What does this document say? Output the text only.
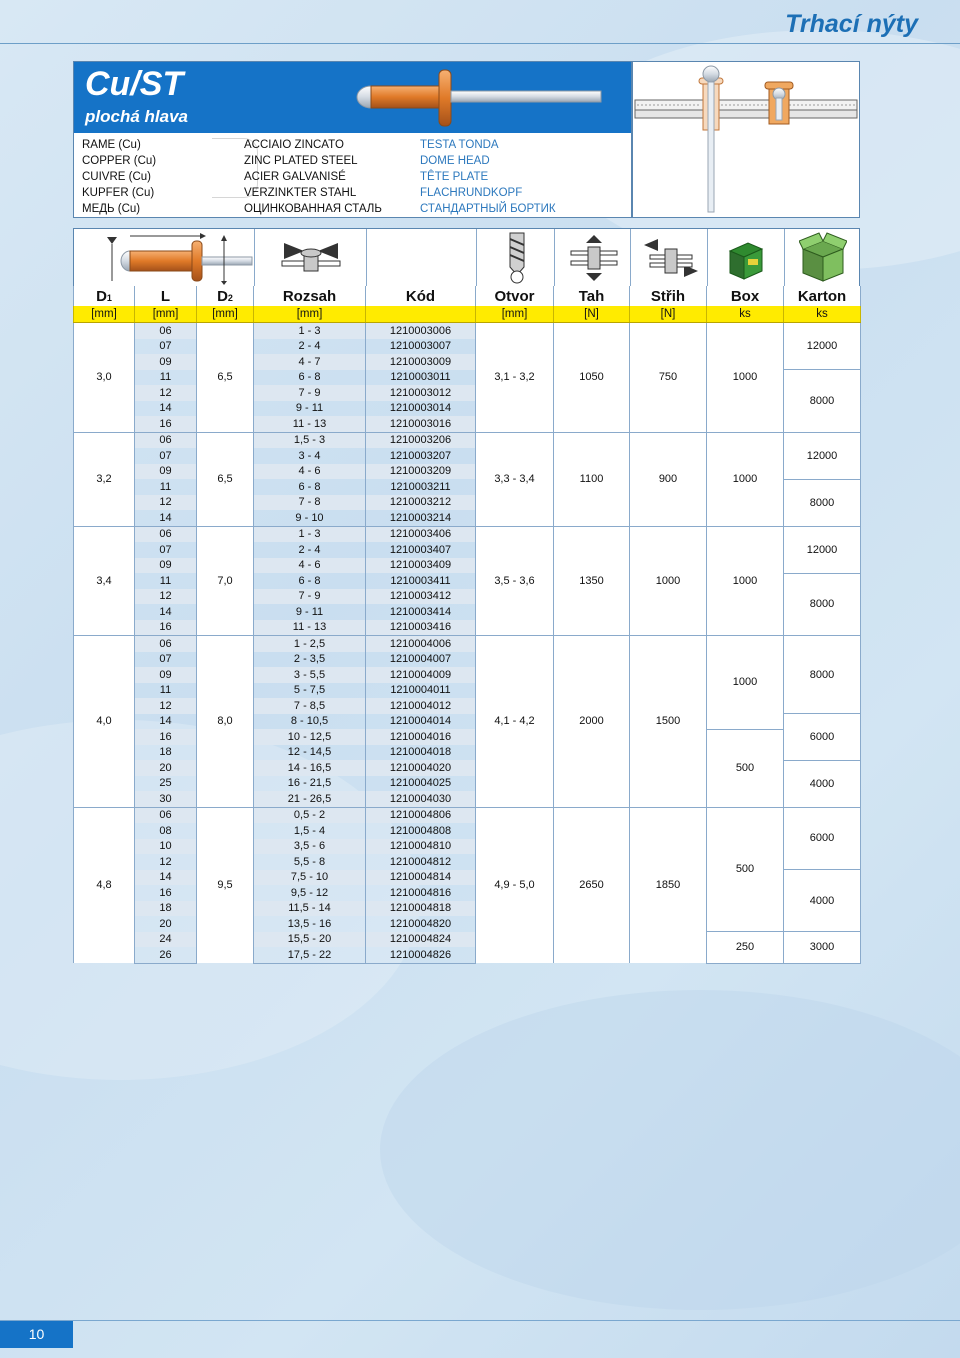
Trhací nýty
Cu/ST
plochá hlava
RAME (Cu)
COPPER (Cu)
CUIVRE (Cu)
KUPFER (Cu)
МЕДЬ (Cu)
ACCIAIO ZINCATO
ZINC PLATED STEEL
ACIER GALVANISÉ
VERZINKTER STAHL
ОЦИНКОВАННАЯ СТАЛЬ
TESTA TONDA
DOME HEAD
TÊTE PLATE
FLACHRUNDKOPF
СТАНДАРТНЫЙ БОРТИК
D1	L	D2	Rozsah	Kód	Otvor	Tah	Střih	Box	Karton
[mm]	[mm]	[mm]	[mm]		[mm]	[N]	[N]	ks	ks
3,0	06	6,5	1 - 3	1210003006	3,1 - 3,2	1050	750	1000	12000
	07		2 - 4	1210003007					
	09		4 - 7	1210003009					
	11		6 - 8	1210003011					8000
	12		7 - 9	1210003012					
	14		9 - 11	1210003014					
	16		11 - 13	1210003016					
3,2	06	6,5	1,5 - 3	1210003206	3,3 - 3,4	1100	900	1000	12000
	07		3 - 4	1210003207					
	09		4 - 6	1210003209					
	11		6 - 8	1210003211					8000
	12		7 - 8	1210003212					
	14		9 - 10	1210003214					
3,4	06	7,0	1 - 3	1210003406	3,5 - 3,6	1350	1000	1000	12000
	07		2 - 4	1210003407					
	09		4 - 6	1210003409					
	11		6 - 8	1210003411					8000
	12		7 - 9	1210003412					
	14		9 - 11	1210003414					
	16		11 - 13	1210003416					
4,0	06	8,0	1 - 2,5	1210004006	4,1 - 4,2	2000	1500	1000	8000
	07		2 - 3,5	1210004007					
	09		3 - 5,5	1210004009					
	11		5 - 7,5	1210004011					
	12		7 - 8,5	1210004012					
	14		8 - 10,5	1210004014					6000
	16		10 - 12,5	1210004016				500	
	18		12 - 14,5	1210004018					
	20		14 - 16,5	1210004020					4000
	25		16 - 21,5	1210004025					
	30		21 - 26,5	1210004030					
4,8	06	9,5	0,5 - 2	1210004806	4,9 - 5,0	2650	1850	500	6000
	08		1,5 - 4	1210004808					
	10		3,5 - 6	1210004810					
	12		5,5 - 8	1210004812					
	14		7,5 - 10	1210004814					4000
	16		9,5 - 12	1210004816					
	18		11,5 - 14	1210004818					
	20		13,5 - 16	1210004820					
	24		15,5 - 20	1210004824				250	3000
	26		17,5 - 22	1210004826					
10
